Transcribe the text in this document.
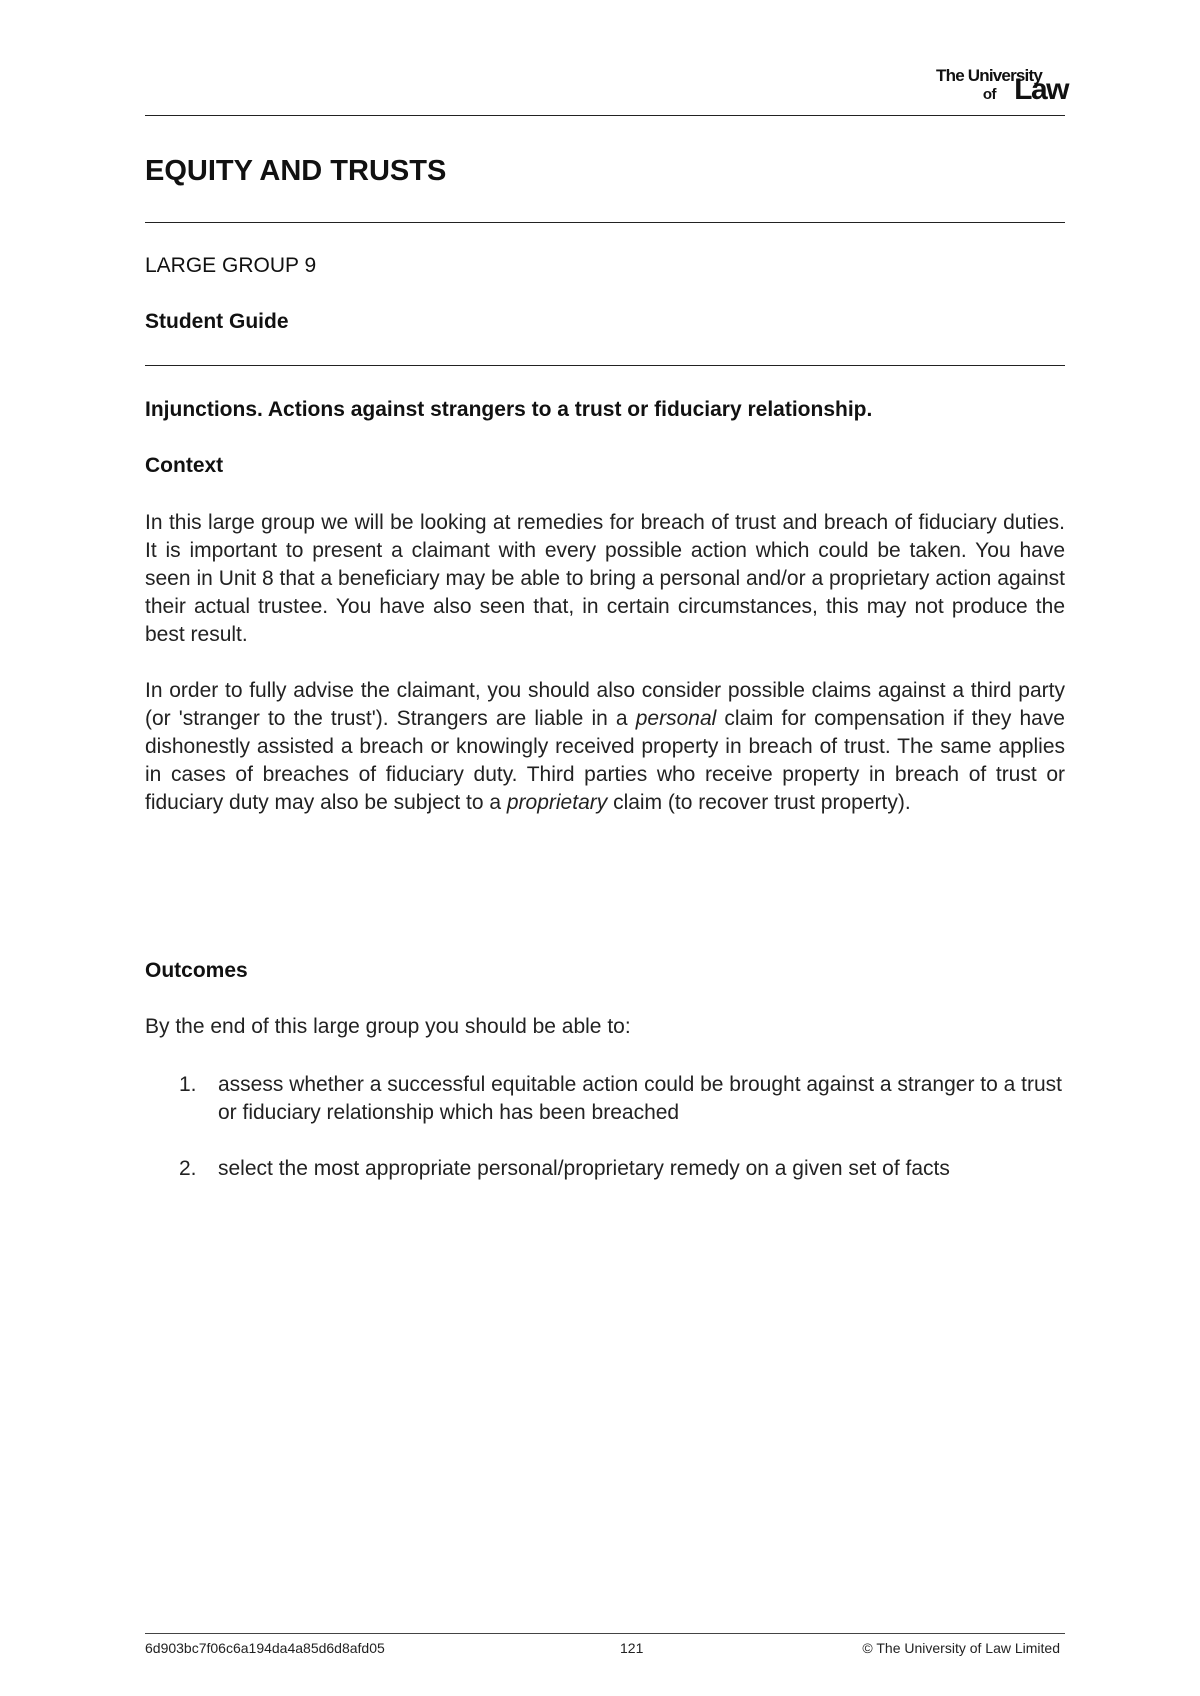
The University
of Law
EQUITY AND TRUSTS
LARGE GROUP 9
Student Guide
Injunctions. Actions against strangers to a trust or fiduciary relationship.
Context

In this large group we will be looking at remedies for breach of trust and breach of fiduciary duties. It is important to present a claimant with every possible action which could be taken. You have seen in Unit 8 that a beneficiary may be able to bring a personal and/or a proprietary action against their actual trustee. You have also seen that, in certain circumstances, this may not produce the best result.

In order to fully advise the claimant, you should also consider possible claims against a third party (or 'stranger to the trust'). Strangers are liable in a personal claim for compensation if they have dishonestly assisted a breach or knowingly received property in breach of trust. The same applies in cases of breaches of fiduciary duty. Third parties who receive property in breach of trust or fiduciary duty may also be subject to a proprietary claim (to recover trust property).

Outcomes
By the end of this large group you should be able to:
1. assess whether a successful equitable action could be brought against a stranger to a trust or fiduciary relationship which has been breached
2. select the most appropriate personal/proprietary remedy on a given set of facts
6d903bc7f06c6a194da4a85d6d8afd05	121	© The University of Law Limited
